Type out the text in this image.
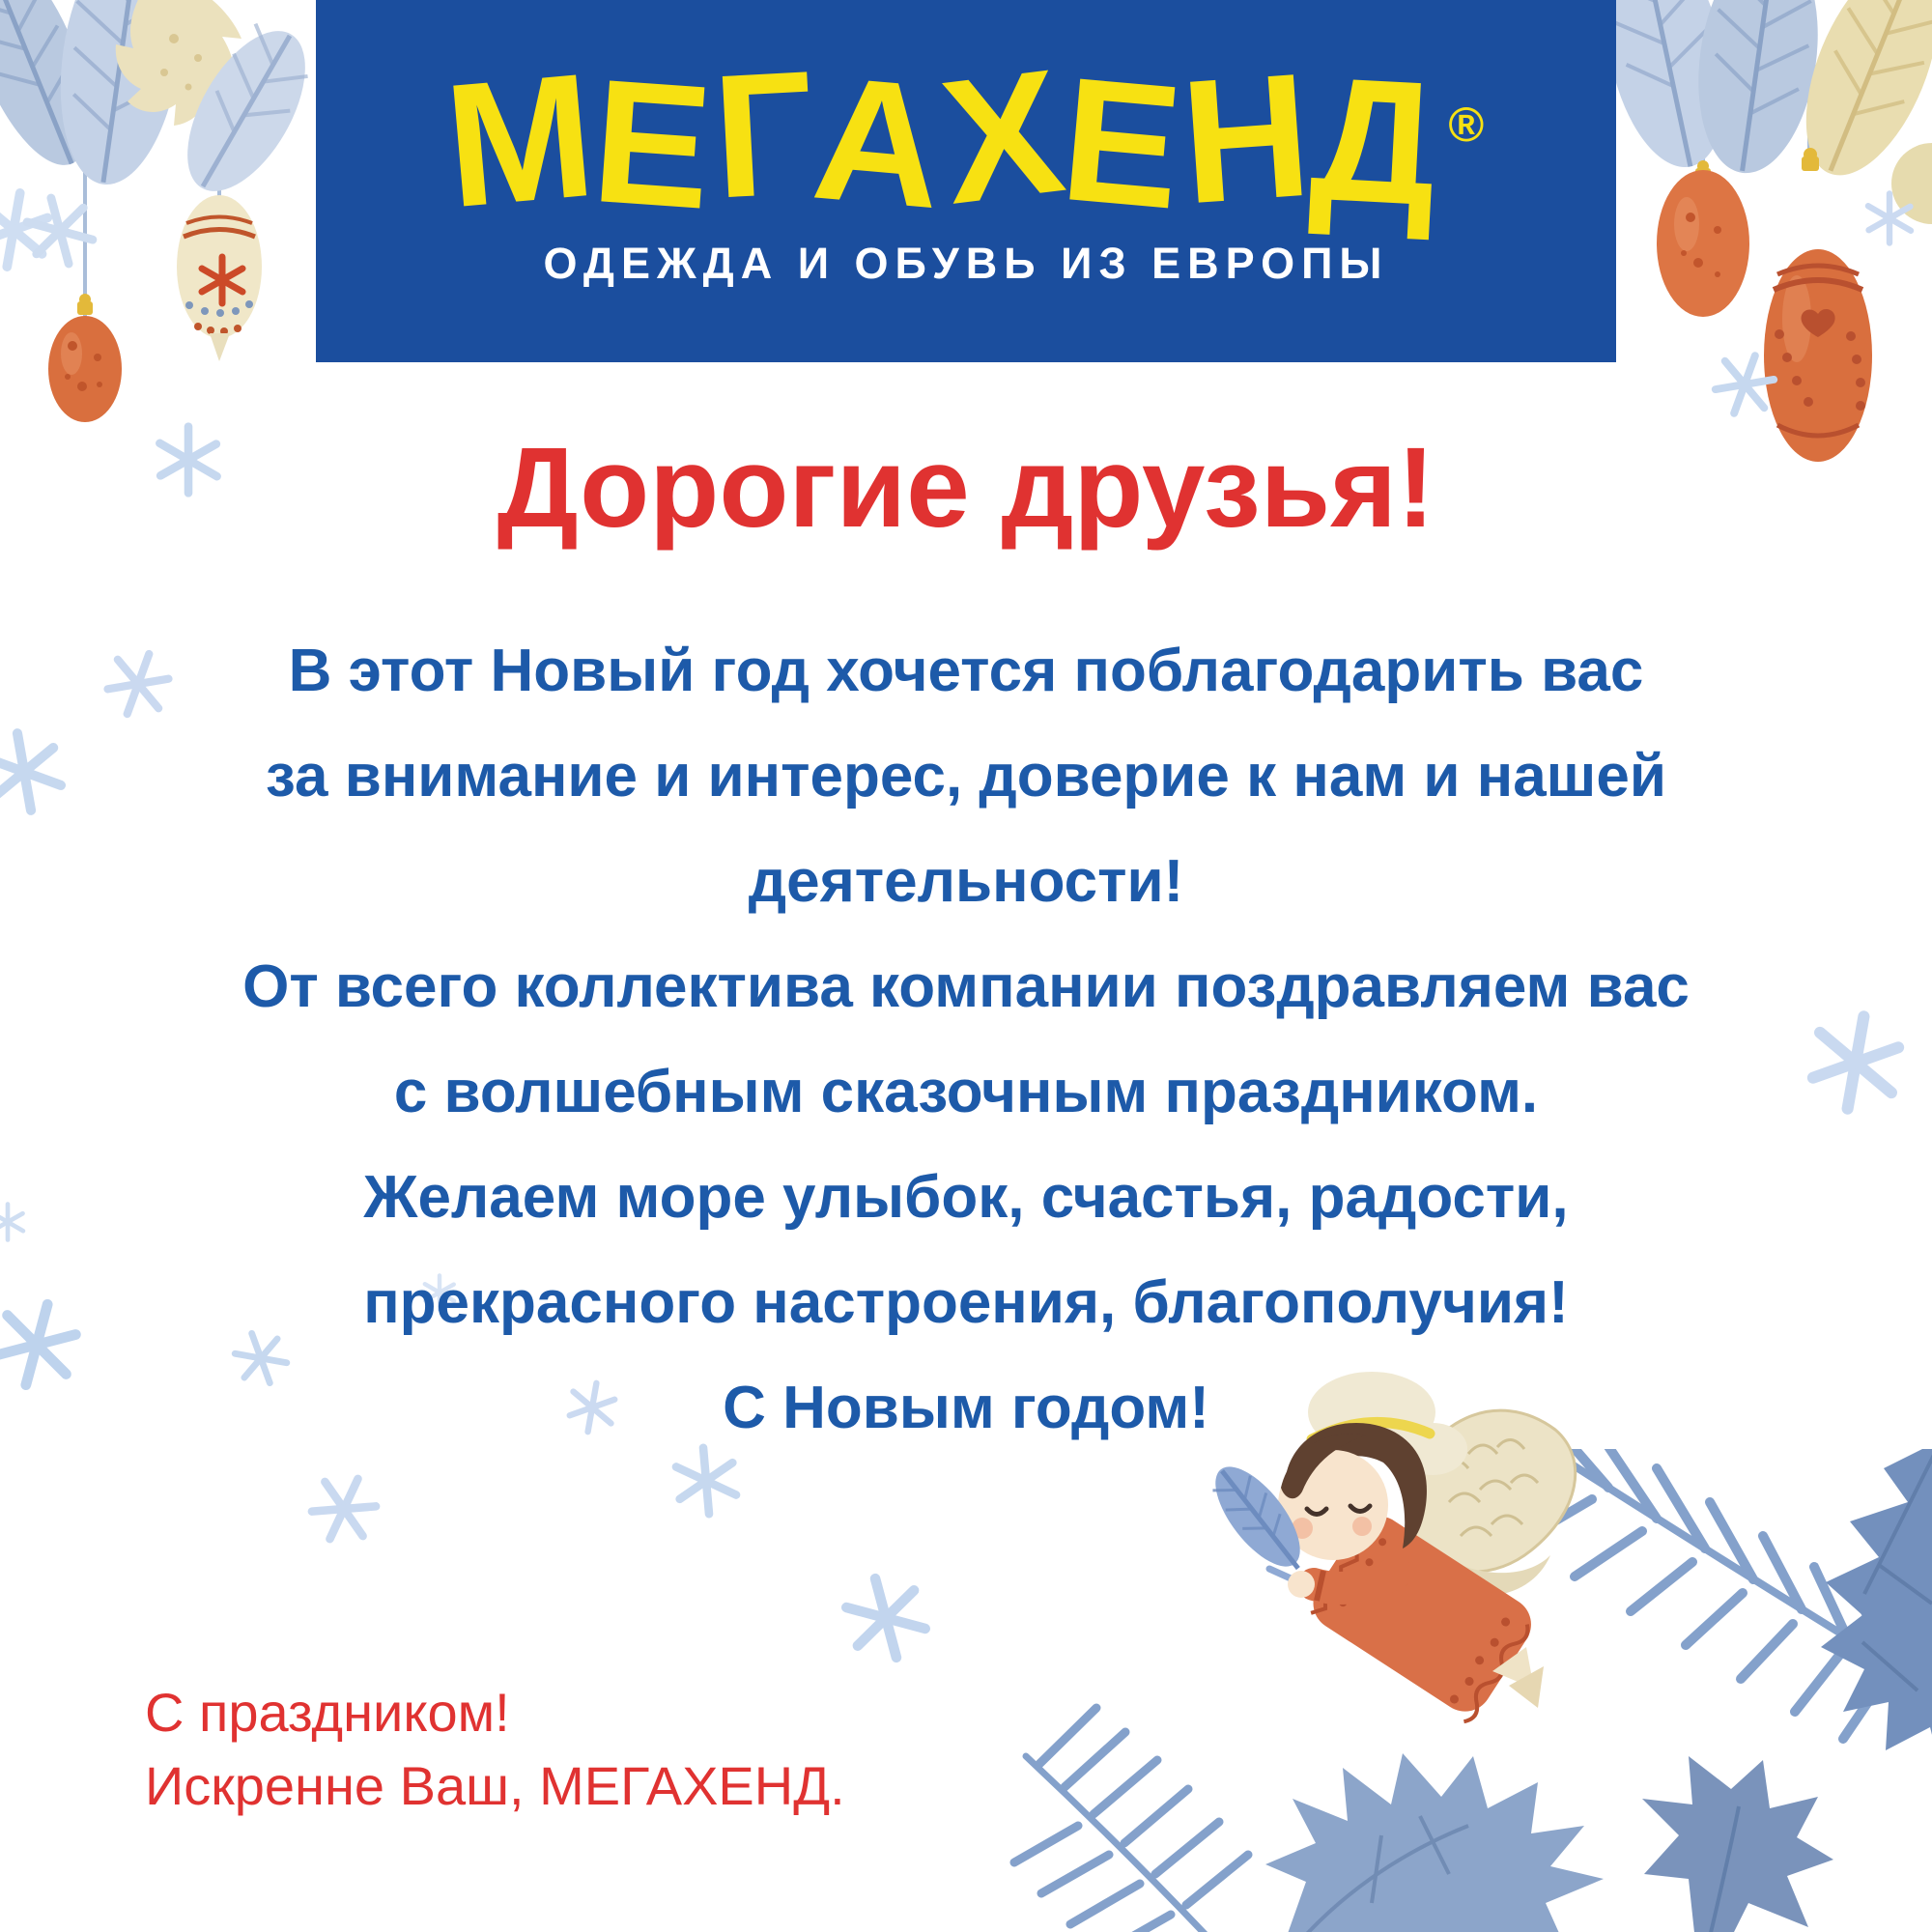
МЕГАХЕНД®
ОДЕЖДА И ОБУВЬ ИЗ ЕВРОПЫ
Дорогие друзья!

В этот Новый год хочется поблагодарить вас

за внимание и интерес, доверие к нам и нашей

деятельности!

От всего коллектива компании поздравляем вас

с волшебным сказочным праздником.

Желаем море улыбок, счастья, радости,

прекрасного настроения, благополучия!

С Новым годом!

С праздником!
Искренне Ваш, МЕГАХЕНД.
